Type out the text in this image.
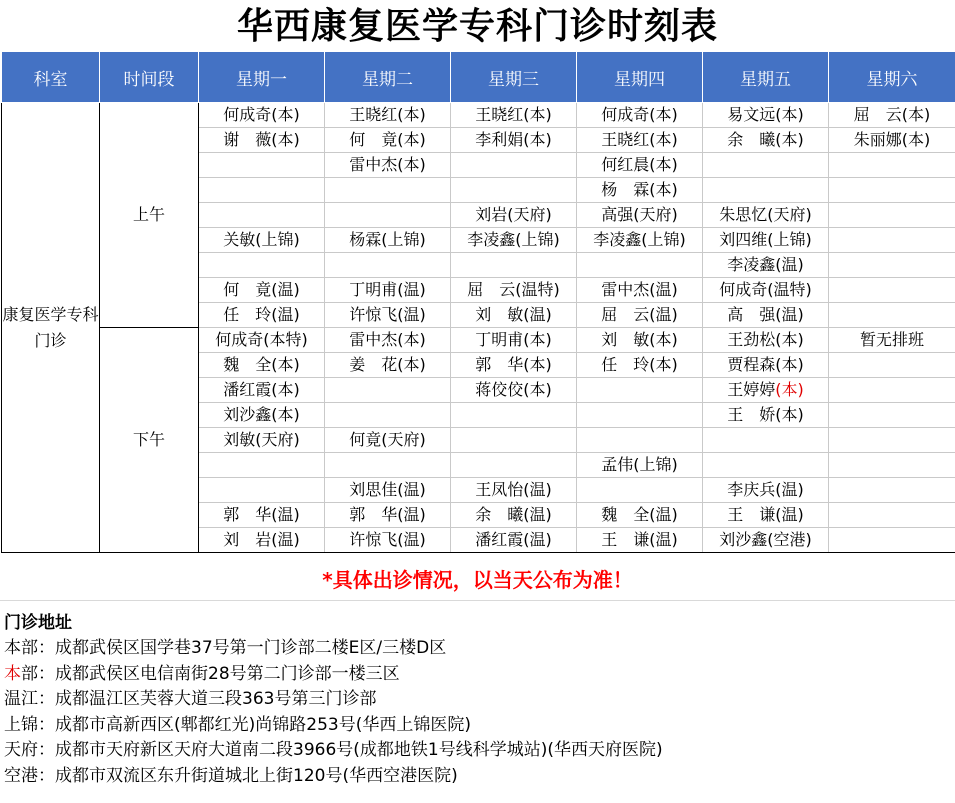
华西康复医学专科门诊时刻表
科室	时间段	星期一	星期二	星期三	星期四	星期五	星期六
康复医学专科门诊	上午	何成奇(本)	王晓红(本)	王晓红(本)	何成奇(本)	易文远(本)	屈　云(本)
		谢　薇(本)	何　竟(本)	李利娟(本)	王晓红(本)	余　曦(本)	朱丽娜(本)
			雷中杰(本)		何红晨(本)		
					杨　霖(本)		
				刘岩(天府)	高强(天府)	朱思忆(天府)	
		关敏(上锦)	杨霖(上锦)	李凌鑫(上锦)	李凌鑫(上锦)	刘四维(上锦)	
						李凌鑫(温)	
		何　竟(温)	丁明甫(温)	屈　云(温特)	雷中杰(温)	何成奇(温特)	
		任　玲(温)	许惊飞(温)	刘　敏(温)	屈　云(温)	高　强(温)	
	下午	何成奇(本特)	雷中杰(本)	丁明甫(本)	刘　敏(本)	王劲松(本)	暂无排班
		魏　全(本)	姜　花(本)	郭　华(本)	任　玲(本)	贾程森(本)	
		潘红霞(本)		蒋佼佼(本)		王婷婷(本)	
		刘沙鑫(本)				王　娇(本)	
		刘敏(天府)	何竟(天府)				
					孟伟(上锦)		
			刘思佳(温)	王凤怡(温)		李庆兵(温)	
		郭　华(温)	郭　华(温)	余　曦(温)	魏　全(温)	王　谦(温)	
		刘　岩(温)	许惊飞(温)	潘红霞(温)	王　谦(温)	刘沙鑫(空港)	
*具体出诊情况，以当天公布为准！
门诊地址
本部：成都武侯区国学巷37号第一门诊部二楼E区/三楼D区
本部：成都武侯区电信南街28号第二门诊部一楼三区
温江：成都温江区芙蓉大道三段363号第三门诊部
上锦：成都市高新西区(郫都红光)尚锦路253号(华西上锦医院)
天府：成都市天府新区天府大道南二段3966号(成都地铁1号线科学城站)(华西天府医院)
空港：成都市双流区东升街道城北上街120号(华西空港医院)
